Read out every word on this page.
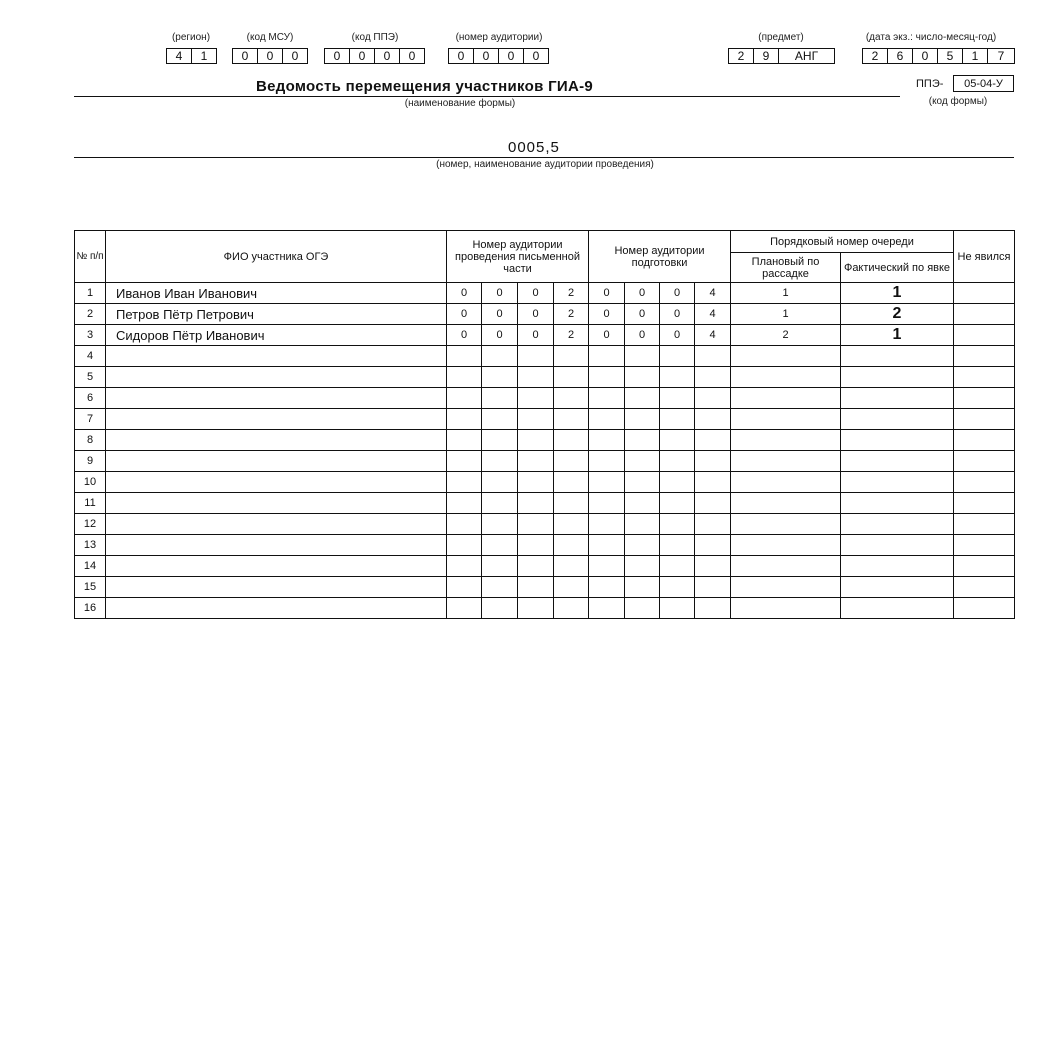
(регион)	(код МСУ)	(код ППЭ)	(номер аудитории)	(предмет)	(дата экз.: число-месяц-год)
4	1	0	0	0	0	0	0	0	0	0	0	0	2	9	АНГ	2	6	0	5	1	7
Ведомость перемещения участников ГИА-9
(наименование формы)
ППЭ-	05-04-У
(код формы)
0005,5
(номер, наименование аудитории проведения)
№ п/п	ФИО участника ОГЭ	Номер аудитории проведения письменной части				Номер аудитории подготовки				Порядковый номер очереди		Не явился
										Плановый по рассадке	Фактический по явке	
1	Иванов Иван Иванович	0	0	0	2	0	0	0	4	1	1	
2	Петров Пётр Петрович	0	0	0	2	0	0	0	4	1	2	
3	Сидоров Пётр Иванович	0	0	0	2	0	0	0	4	2	1	
4												
5												
6												
7												
8												
9												
10												
11												
12												
13												
14												
15												
16												
